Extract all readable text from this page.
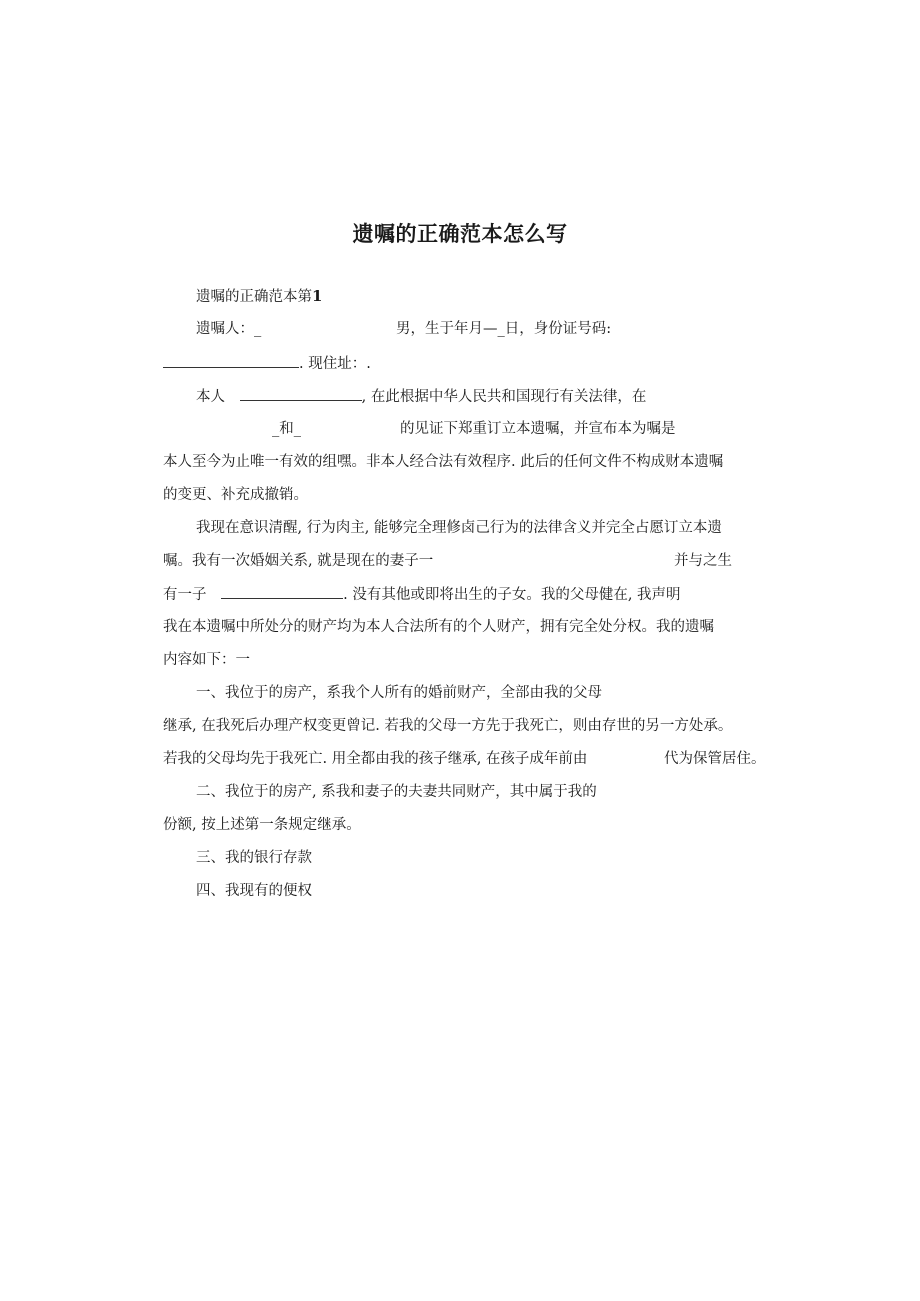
遗嘱的正确范本怎么写
遗嘱的正确范本第1
遗嘱人：_	男，生于年月—_日，身份证号码:
. 现住址：.
本人	, 在此根据中华人民共和国现行有关法律，在
_和_	的见证下郑重订立本遗嘱，并宣布本为嘱是
本人至今为止唯一有效的组嘿。非本人经合法有效程序. 此后的任何文件不构成财本遗嘱
的变更、补充成撤销。
我现在意识清醒, 行为肉主, 能够完全理修卤己行为的法律含义并完全占愿订立本遗
嘱。我有一次婚姻关系, 就是现在的妻子一	并与之生
有一子	. 没有其他或即将出生的子女。我的父母健在, 我声明
我在本遗嘱中所处分的财产均为本人合法所有的个人财产，拥有完全处分权。我的遗嘱
内容如下：一
一、我位于的房产，系我个人所有的婚前财产，全部由我的父母
继承, 在我死后办理产权变更曾记. 若我的父母一方先于我死亡，则由存世的另一方处承。
若我的父母均先于我死亡. 用全都由我的孩子继承, 在孩子成年前由	代为保管居住。
二、我位于的房产, 系我和妻子的夫妻共同财产，其中属于我的
份额, 按上述第一条规定继承。
三、我的银行存款
四、我现有的便权
